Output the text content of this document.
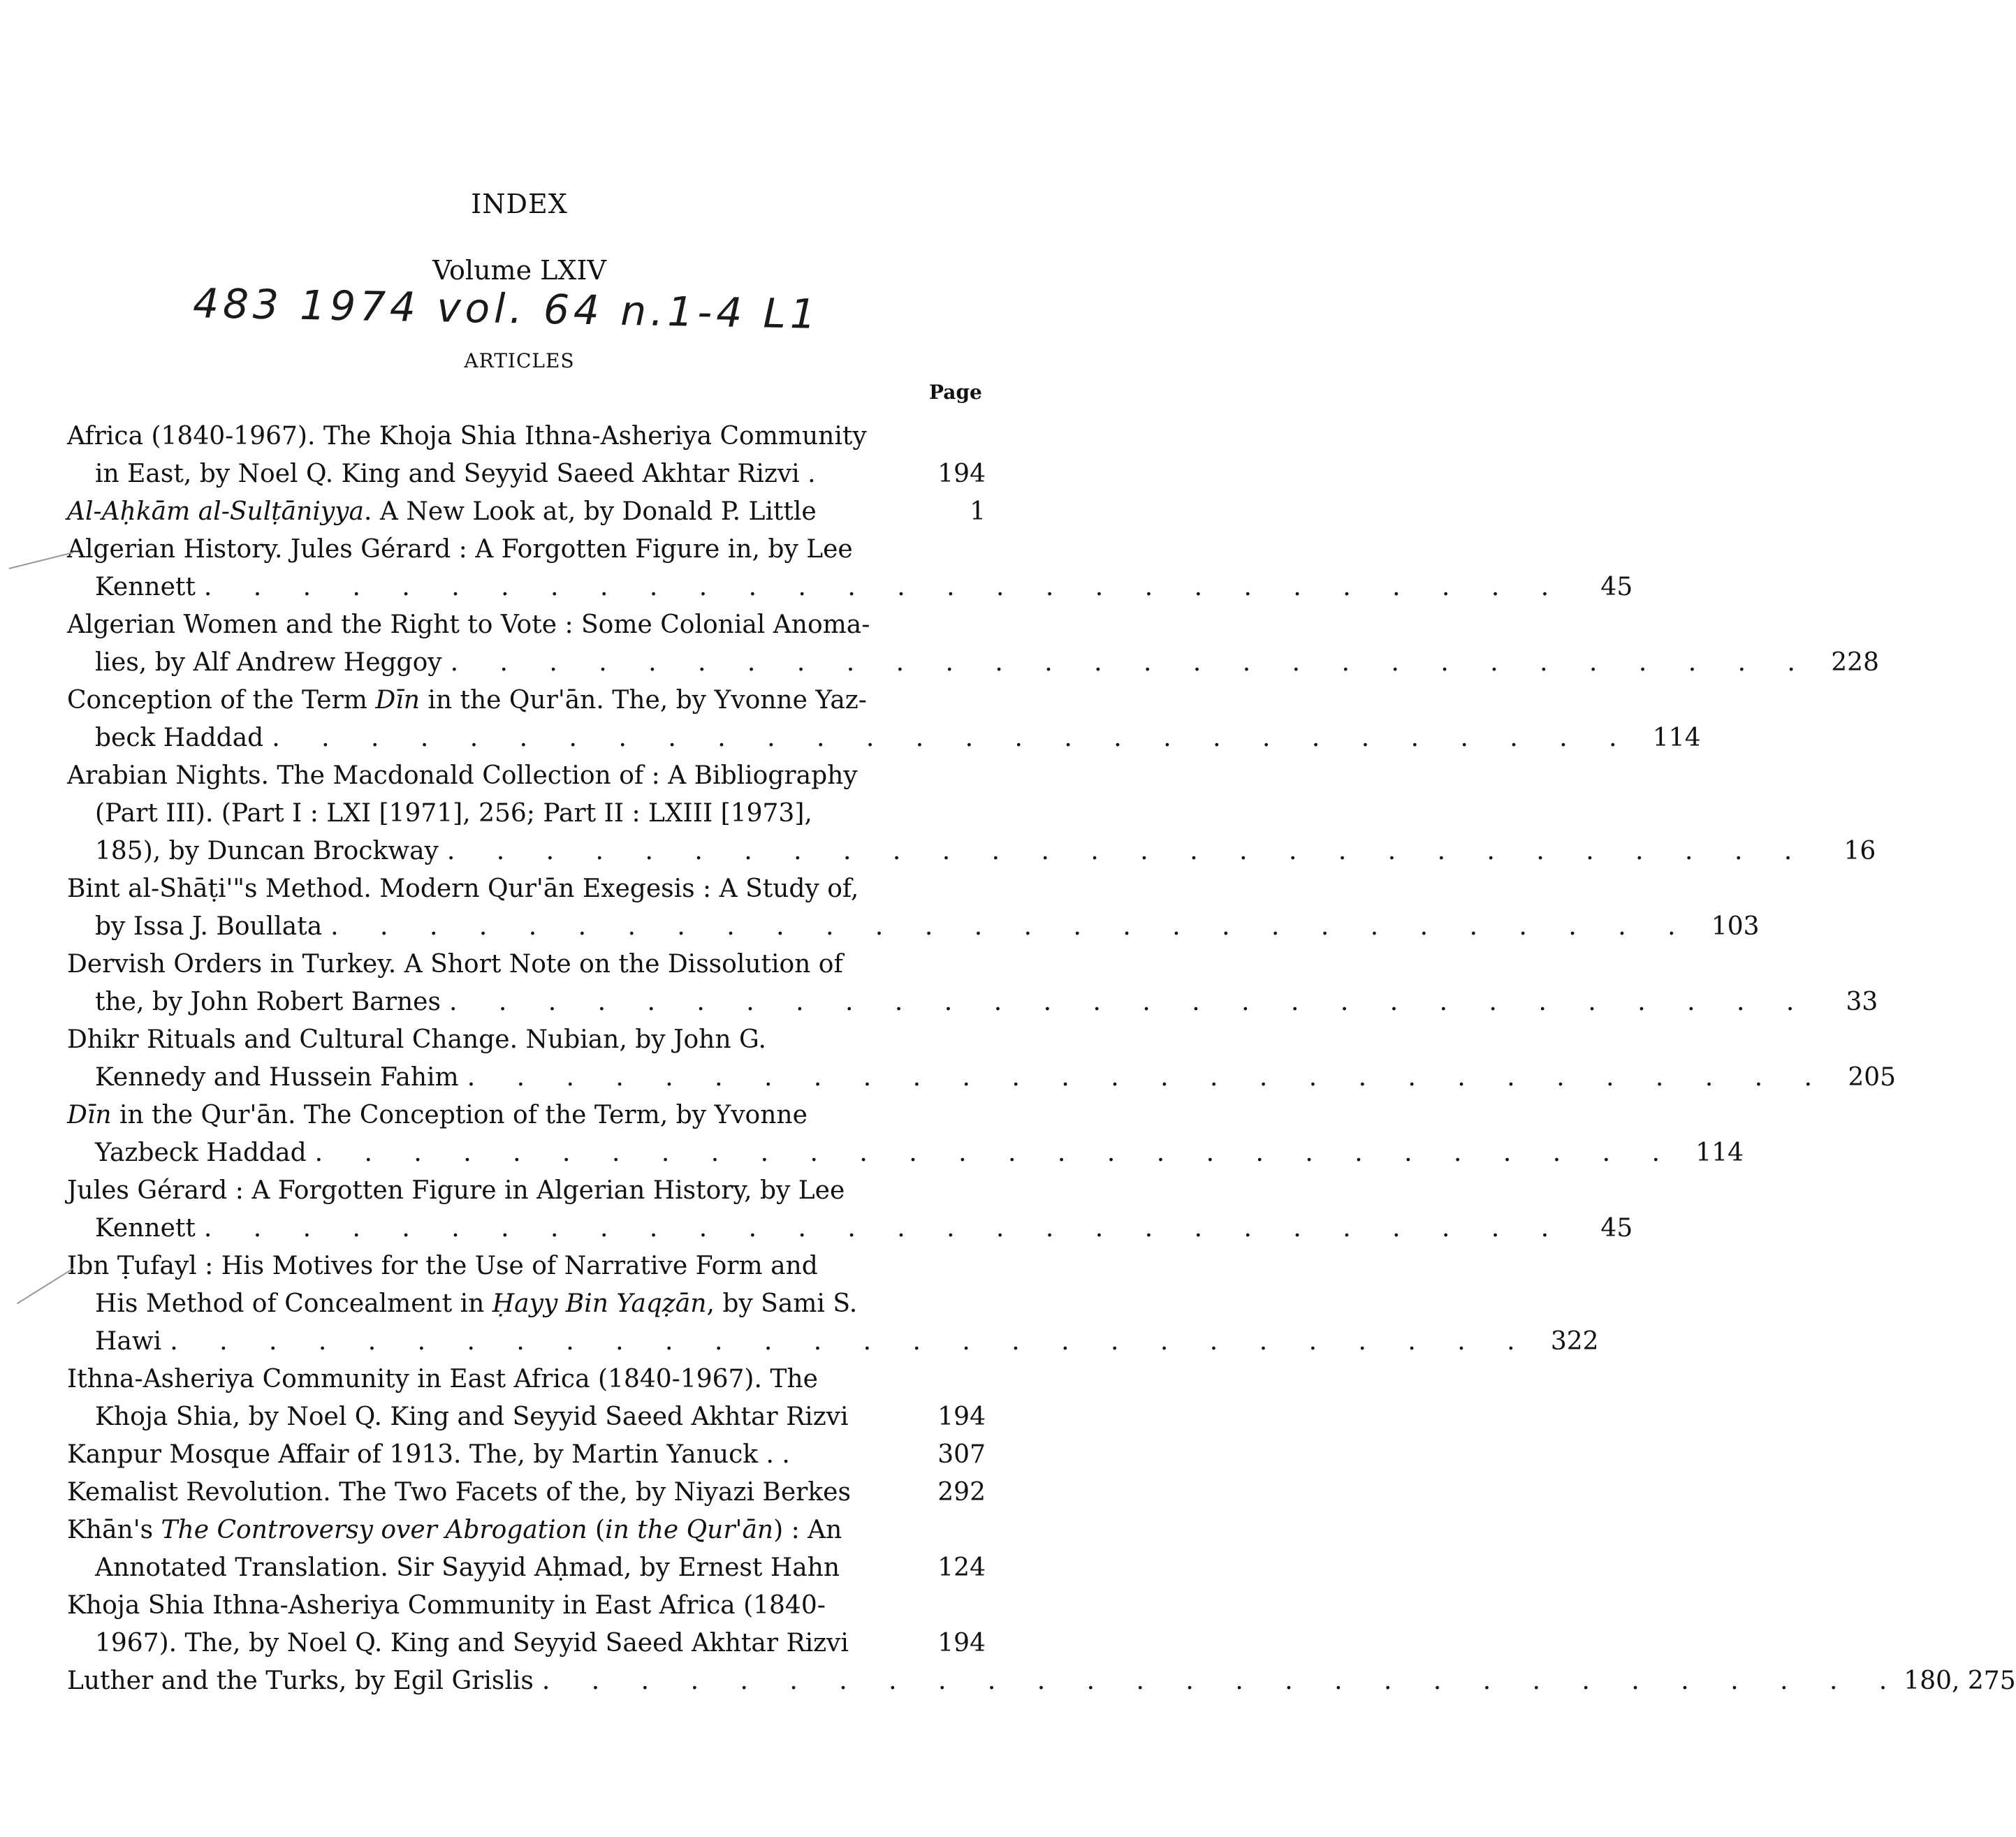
INDEX
Volume LXIV
483 1974 vol. 64 n.1-4 L1
ARTICLES
Page
Africa (1840-1967). The Khoja Shia Ithna-Asheriya Community
in East, by Noel Q. King and Seyyid Saeed Akhtar Rizvi .	194
Al-Aḥkām al-Sulṭāniyya. A New Look at, by Donald P. Little	1
Algerian History. Jules Gérard : A Forgotten Figure in, by Lee
Kennett . . . . . . . . . . . . . . . . . . . . . . . . . . . .	45
Algerian Women and the Right to Vote : Some Colonial Anoma-
lies, by Alf Andrew Heggoy . . . . . . . . . . . . . . . . . . . . . . . . . . . . 228
Conception of the Term Dīn in the Qur'ān. The, by Yvonne Yaz-
beck Haddad . . . . . . . . . . . . . . . . . . . . . . . . . . . . 114
Arabian Nights. The Macdonald Collection of : A Bibliography
(Part III). (Part I : LXI [1971], 256; Part II : LXIII [1973],
185), by Duncan Brockway . . . . . . . . . . . . . . . . . . . . . . . . . . . .	16
Bint al-Shāṭi'"s Method. Modern Qur'ān Exegesis : A Study of,
by Issa J. Boullata . . . . . . . . . . . . . . . . . . . . . . . . . . . . 103
Dervish Orders in Turkey. A Short Note on the Dissolution of
the, by John Robert Barnes . . . . . . . . . . . . . . . . . . . . . . . . . . . .	33
Dhikr Rituals and Cultural Change. Nubian, by John G.
Kennedy and Hussein Fahim . . . . . . . . . . . . . . . . . . . . . . . . . . . . 205
Dīn in the Qur'ān. The Conception of the Term, by Yvonne
Yazbeck Haddad . . . . . . . . . . . . . . . . . . . . . . . . . . . . 114
Jules Gérard : A Forgotten Figure in Algerian History, by Lee
Kennett . . . . . . . . . . . . . . . . . . . . . . . . . . . .	45
Ibn Ṭufayl : His Motives for the Use of Narrative Form and
His Method of Concealment in Ḥayy Bin Yaqẓān, by Sami S.
Hawi . . . . . . . . . . . . . . . . . . . . . . . . . . . . 322
Ithna-Asheriya Community in East Africa (1840-1967). The
Khoja Shia, by Noel Q. King and Seyyid Saeed Akhtar Rizvi	194
Kanpur Mosque Affair of 1913. The, by Martin Yanuck . .	307
Kemalist Revolution. The Two Facets of the, by Niyazi Berkes	292
Khān's The Controversy over Abrogation (in the Qur'ān) : An
Annotated Translation. Sir Sayyid Aḥmad, by Ernest Hahn	124
Khoja Shia Ithna-Asheriya Community in East Africa (1840-
1967). The, by Noel Q. King and Seyyid Saeed Akhtar Rizvi	194
Luther and the Turks, by Egil Grislis . . . . . . . . . . . . . . . . . . . . . . . . . . . . 180, 275
